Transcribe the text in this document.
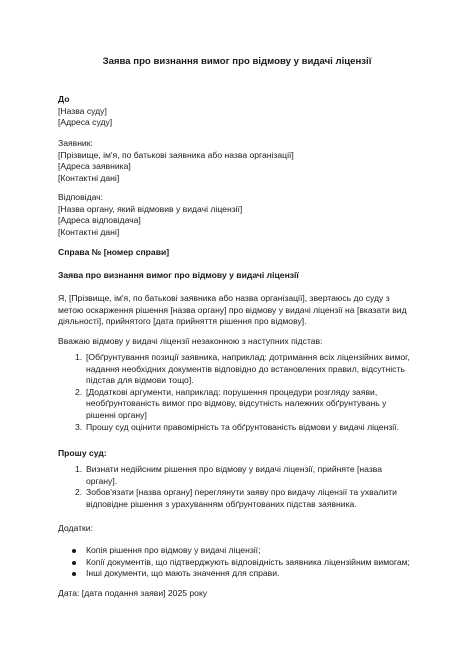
Заява про визнання вимог про відмову у видачі ліцензії
До
[Назва суду]
[Адреса суду]
Заявник:
[Прізвище, ім'я, по батькові заявника або назва організації]
[Адреса заявника]
[Контактні дані]
Відповідач:
[Назва органу, який відмовив у видачі ліцензії]
[Адреса відповідача]
[Контактні дані]
Справа № [номер справи]
Заява про визнання вимог про відмову у видачі ліцензії
Я, [Прізвище, ім'я, по батькові заявника або назва організації], звертаюсь до суду з
метою оскарження рішення [назва органу] про відмову у видачі ліцензії на [вказати вид
діяльності], прийнятого [дата прийняття рішення про відмову].
Вважаю відмову у видачі ліцензії незаконною з наступних підстав:
1. [Обґрунтування позиції заявника, наприклад: дотримання всіх ліцензійних вимог,
надання необхідних документів відповідно до встановлених правил, відсутність
підстав для відмови тощо].
2. [Додаткові аргументи, наприклад: порушення процедури розгляду заяви,
необґрунтованість вимог про відмову, відсутність належних обґрунтувань у
рішенні органу]
3. Прошу суд оцінити правомірність та обґрунтованість відмови у видачі ліцензії.
Прошу суд:
1. Визнати недійсним рішення про відмову у видачі ліцензії, прийняте [назва
органу].
2. Зобов'язати [назва органу] переглянути заяву про видачу ліцензії та ухвалити
відповідне рішення з урахуванням обґрунтованих підстав заявника.
Додатки:
Копія рішення про відмову у видачі ліцензії;
Копії документів, що підтверджують відповідність заявника ліцензійним вимогам;
Інші документи, що мають значення для справи.
Дата: [дата подання заяви] 2025 року
